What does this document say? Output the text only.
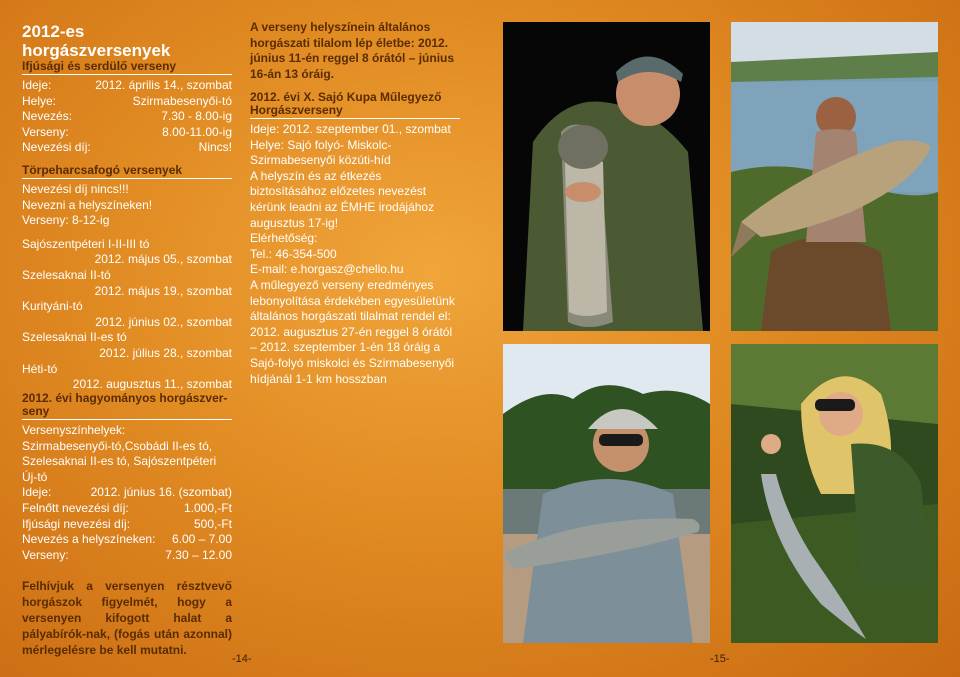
2012-es horgászversenyek
Ifjúsági és serdülő verseny
Ideje:	2012. április 14., szombat
Helye:	Szirmabesenyői-tó
Nevezés:	7.30 - 8.00-ig
Verseny:	8.00-11.00-ig
Nevezési díj:	Nincs!
Törpeharcsafogó versenyek
Nevezési díj nincs!!!
Nevezni a helyszíneken!
Verseny: 8-12-ig
Sajószentpéteri I-II-III tó
2012. május 05., szombat
Szelesaknai II-tó
2012. május 19., szombat
Kurityáni-tó
2012. június 02., szombat
Szelesaknai II-es tó
2012. július 28., szombat
Héti-tó
2012. augusztus 11., szombat
2012. évi hagyományos horgászver-seny
Versenyszínhelyek:
Szirmabesenyői-tó,Csobádi II-es tó, Szelesaknai II-es tó, Sajószentpéteri Új-tó
Ideje:	2012. június 16. (szombat)
Felnőtt nevezési díj:	1.000,-Ft
Ifjúsági nevezési díj:	500,-Ft
Nevezés a helyszíneken: 6.00 – 7.00
Verseny:	7.30 – 12.00
Felhívjuk a versenyen résztvevő horgászok figyelmét, hogy a versenyen kifogott halat a pályabírók-nak, (fogás után azonnal) mérlegelésre be kell mutatni.
A verseny helyszínein általános horgászati tilalom lép életbe: 2012. június 11-én reggel 8 órától – június 16-án 13 óráig.
2012. évi X. Sajó Kupa Műlegyező Horgászverseny
Ideje: 2012. szeptember 01., szombat
Helye: Sajó folyó- Miskolc- Szirmabesenyői közúti-híd
A helyszín és az étkezés biztosításához előzetes nevezést kérünk leadni az ÉMHE irodájához augusztus 17-ig!
Elérhetőség:
Tel.: 46-354-500
E-mail: e.horgasz@chello.hu
A műlegyező verseny eredményes lebonyolítása érdekében egyesületünk általános horgászati tilalmat rendel el: 2012. augusztus 27-én reggel 8 órától – 2012. szeptember 1-én 18 óráig a Sajó-folyó miskolci és Szirmabesenyői hídjánál 1-1 km hosszban
-14-	-15-
